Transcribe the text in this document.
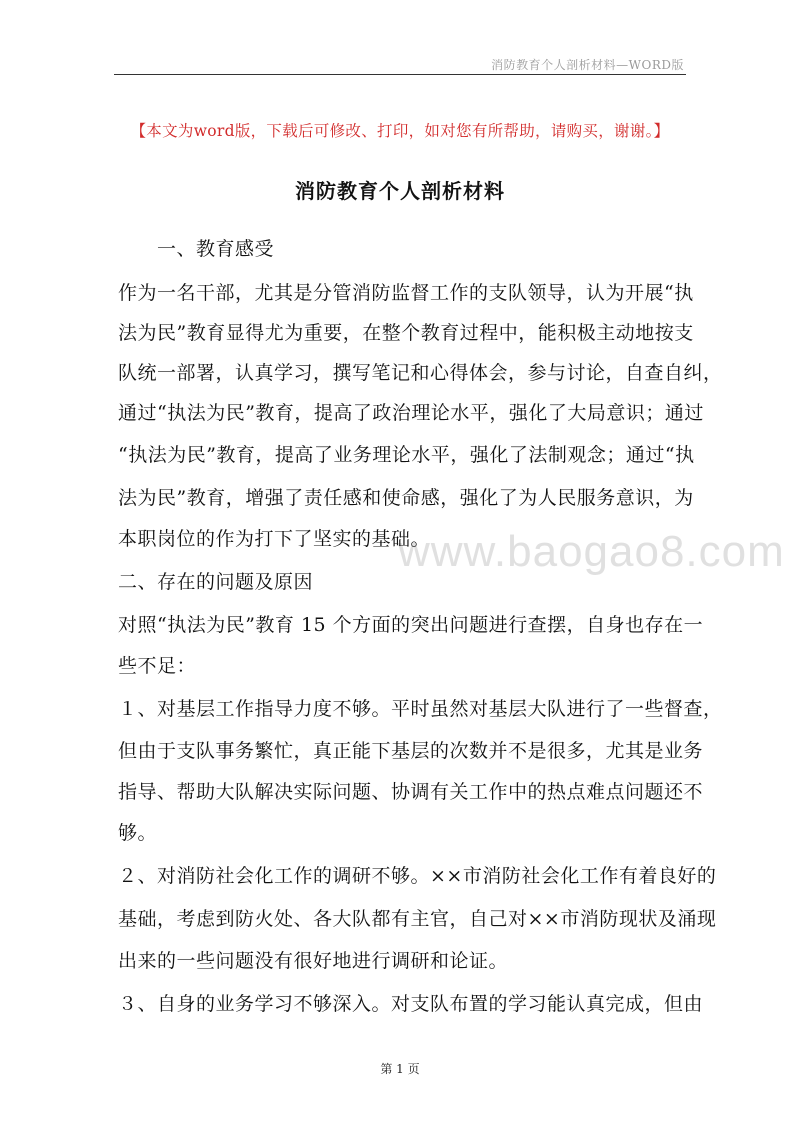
消防教育个人剖析材料—WORD版
【本文为word版，下载后可修改、打印，如对您有所帮助，请购买，谢谢。】
消防教育个人剖析材料
www.baogao8.com
　　一、教育感受
作为一名干部，尤其是分管消防监督工作的支队领导，认为开展“执
法为民”教育显得尤为重要，在整个教育过程中，能积极主动地按支
队统一部署，认真学习，撰写笔记和心得体会，参与讨论，自查自纠，
通过“执法为民”教育，提高了政治理论水平，强化了大局意识；通过
“执法为民”教育，提高了业务理论水平，强化了法制观念；通过“执
法为民”教育，增强了责任感和使命感，强化了为人民服务意识，为
本职岗位的作为打下了坚实的基础。
二、存在的问题及原因
对照“执法为民”教育 15 个方面的突出问题进行查摆，自身也存在一
些不足：
１、对基层工作指导力度不够。平时虽然对基层大队进行了一些督查，
但由于支队事务繁忙，真正能下基层的次数并不是很多，尤其是业务
指导、帮助大队解决实际问题、协调有关工作中的热点难点问题还不
够。
２、对消防社会化工作的调研不够。××市消防社会化工作有着良好的
基础，考虑到防火处、各大队都有主官，自己对××市消防现状及涌现
出来的一些问题没有很好地进行调研和论证。
３、自身的业务学习不够深入。对支队布置的学习能认真完成，但由
第 1 页
